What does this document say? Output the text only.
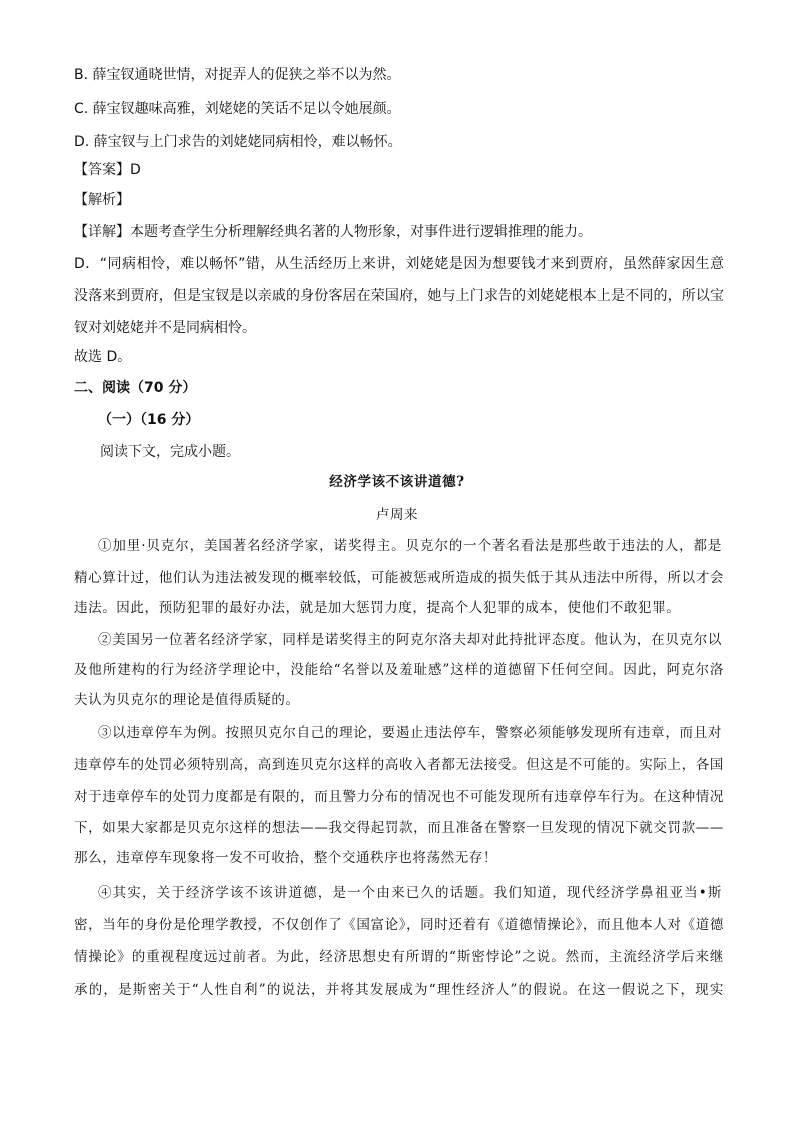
B. 薛宝钗通晓世情，对捉弄人的促狭之举不以为然。
C. 薛宝钗趣味高雅，刘姥姥的笑话不足以令她展颜。
D. 薛宝钗与上门求告的刘姥姥同病相怜，难以畅怀。
【答案】D
【解析】
【详解】本题考查学生分析理解经典名著的人物形象，对事件进行逻辑推理的能力。
D．“同病相怜，难以畅怀”错，从生活经历上来讲，刘姥姥是因为想要钱才来到贾府，虽然薛家因生意
没落来到贾府，但是宝钗是以亲戚的身份客居在荣国府，她与上门求告的刘姥姥根本上是不同的，所以宝
钗对刘姥姥并不是同病相怜。
故选 D。
二、阅读（70 分）
（一）（16 分）
阅读下文，完成小题。
经济学该不该讲道德?
卢周来
①加里·贝克尔，美国著名经济学家，诺奖得主。贝克尔的一个著名看法是那些敢于违法的人，都是
精心算计过，他们认为违法被发现的概率较低，可能被惩戒所造成的损失低于其从违法中所得，所以才会
违法。因此，预防犯罪的最好办法，就是加大惩罚力度，提高个人犯罪的成本，使他们不敢犯罪。
②美国另一位著名经济学家，同样是诺奖得主的阿克尔洛夫却对此持批评态度。他认为，在贝克尔以
及他所建构的行为经济学理论中，没能给“名誉以及羞耻感”这样的道德留下任何空间。因此，阿克尔洛
夫认为贝克尔的理论是值得质疑的。
③以违章停车为例。按照贝克尔自己的理论，要遏止违法停车，警察必须能够发现所有违章，而且对
违章停车的处罚必须特别高，高到连贝克尔这样的高收入者都无法接受。但这是不可能的。实际上，各国
对于违章停车的处罚力度都是有限的，而且警力分布的情况也不可能发现所有违章停车行为。在这种情况
下，如果大家都是贝克尔这样的想法——我交得起罚款，而且准备在警察一旦发现的情况下就交罚款——
那么，违章停车现象将一发不可收拾，整个交通秩序也将荡然无存！
④其实，关于经济学该不该讲道德，是一个由来已久的话题。我们知道，现代经济学鼻祖亚当•斯
密，当年的身份是伦理学教授，不仅创作了《国富论》，同时还着有《道德情操论》，而且他本人对《道德
情操论》的重视程度远过前者。为此，经济思想史有所谓的“斯密悖论”之说。然而，主流经济学后来继
承的，是斯密关于“人性自利”的说法，并将其发展成为“理性经济人”的假说。在这一假说之下，现实
